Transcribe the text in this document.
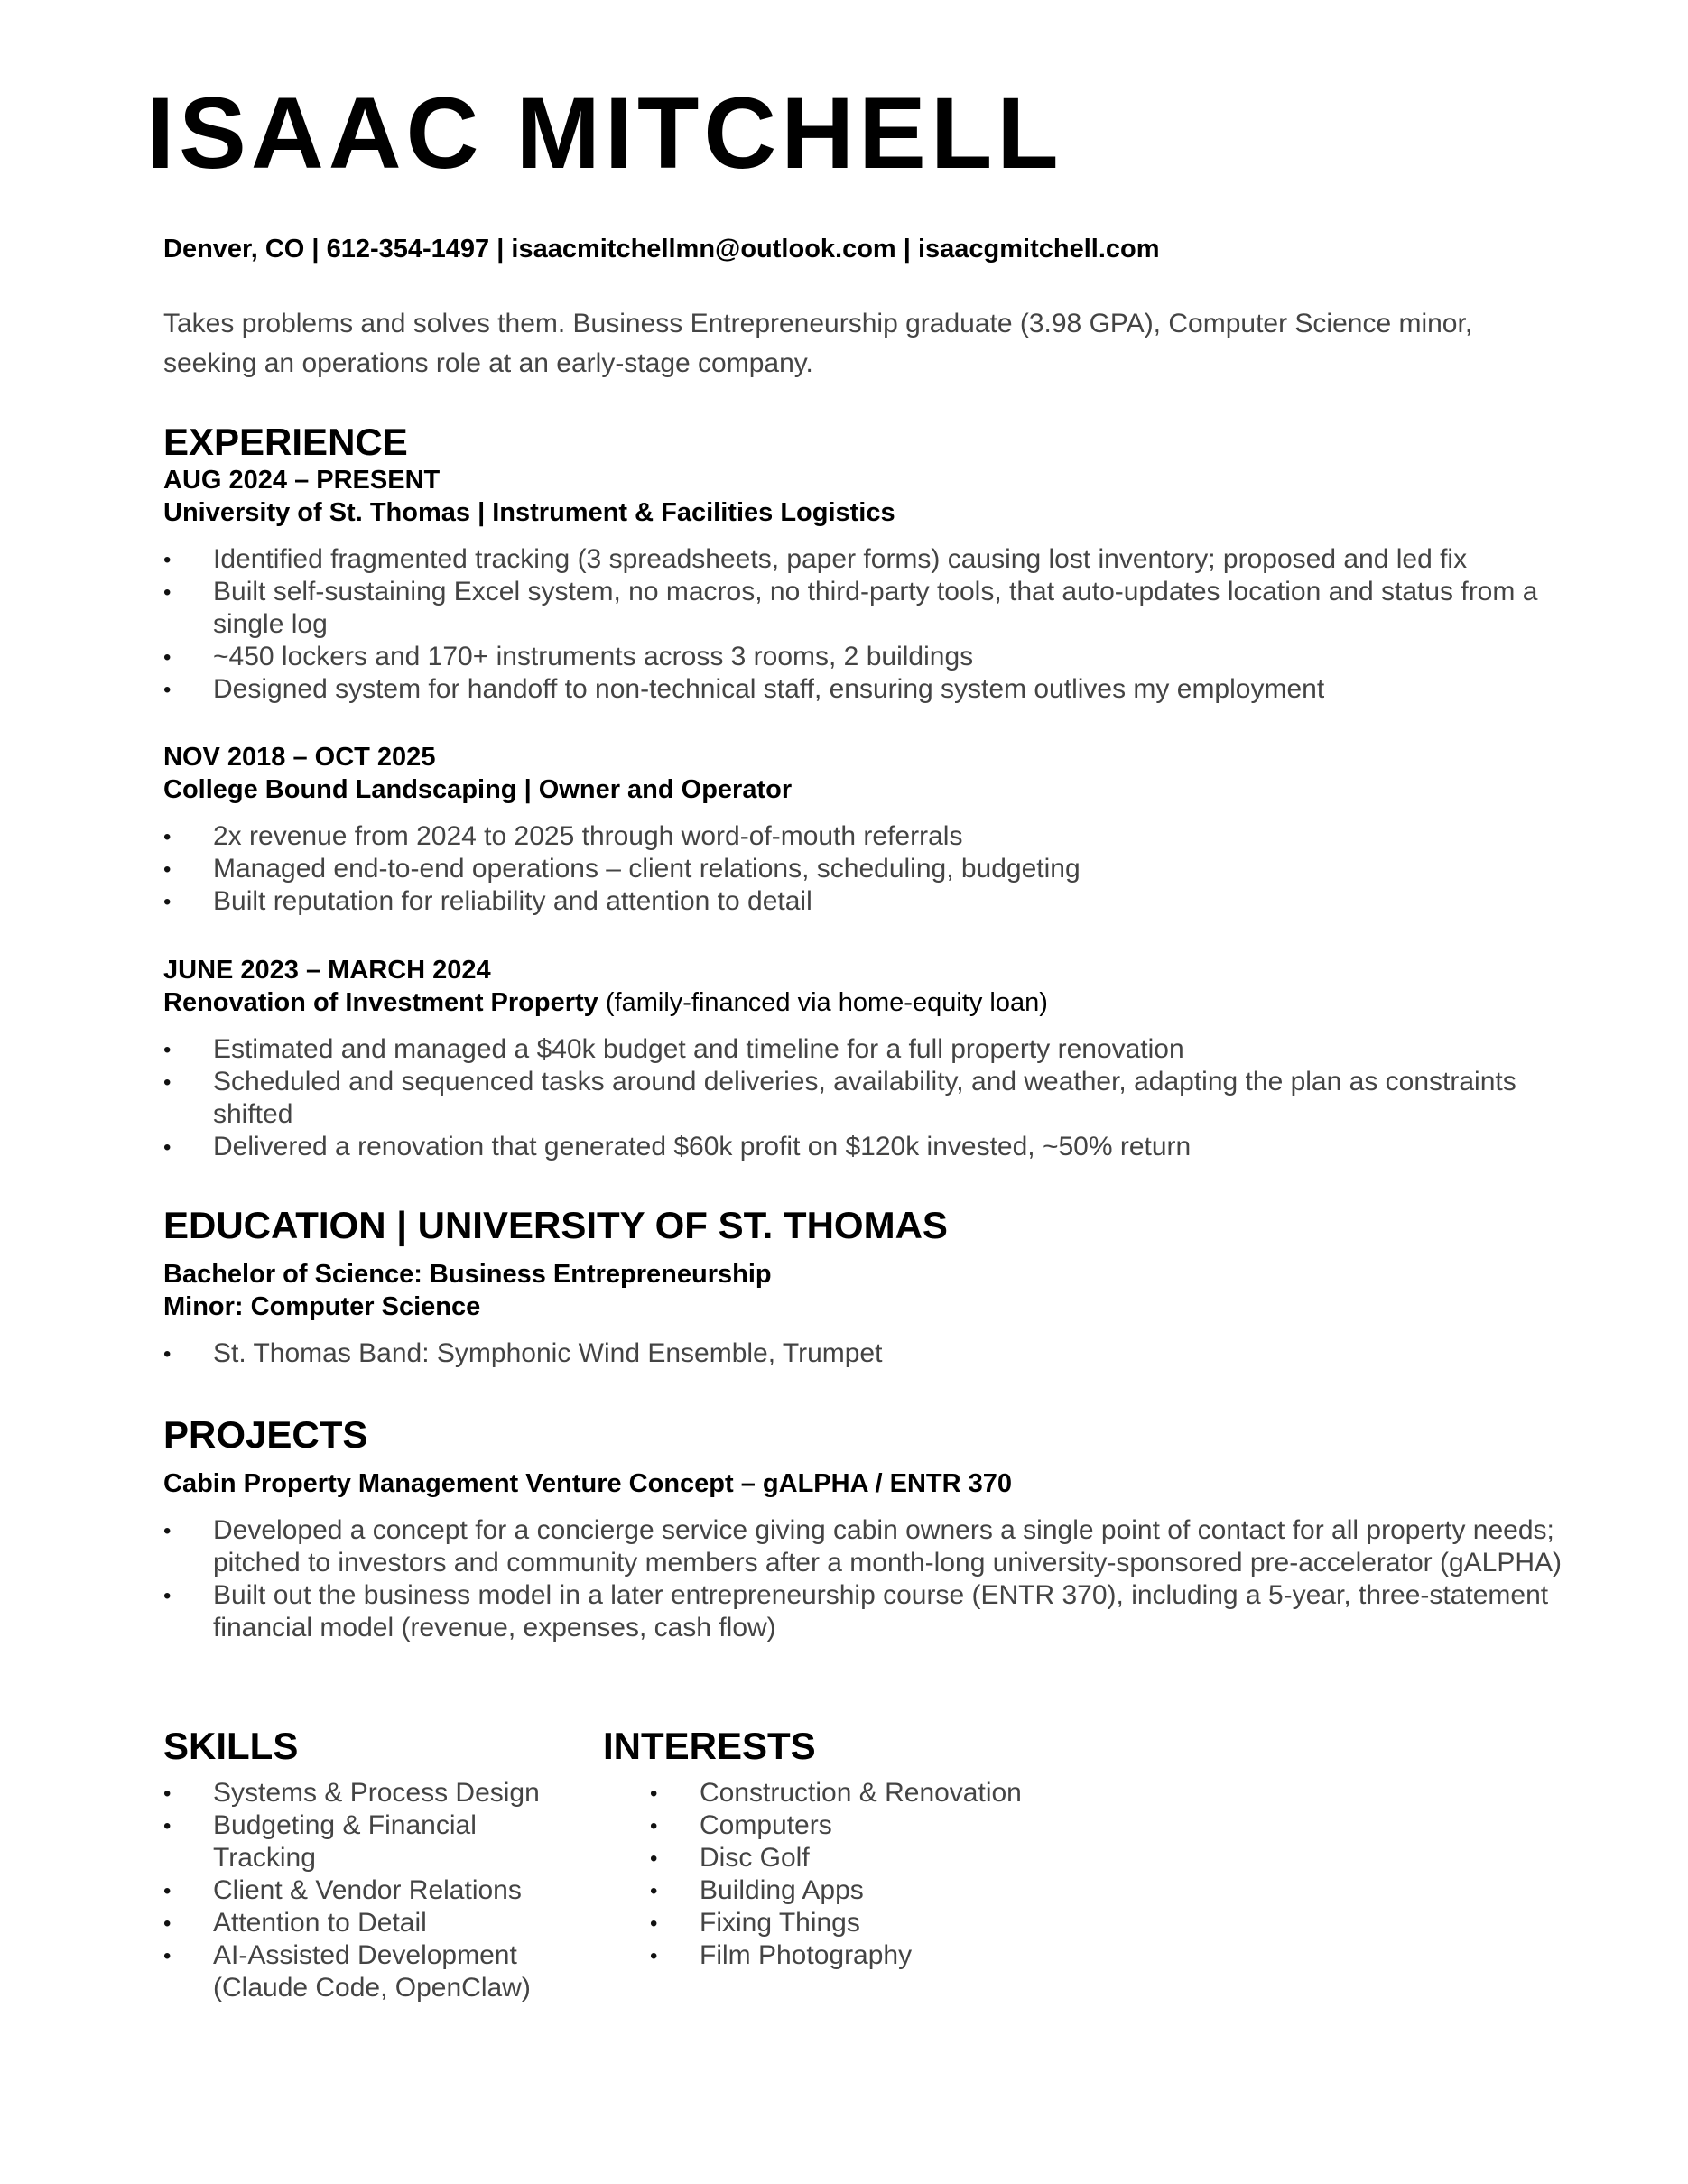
ISAAC MITCHELL
Denver, CO | 612-354-1497 | isaacmitchellmn@outlook.com | isaacgmitchell.com

Takes problems and solves them. Business Entrepreneurship graduate (3.98 GPA), Computer Science minor, seeking an operations role at an early-stage company.

EXPERIENCE
AUG 2024 – PRESENT
University of St. Thomas | Instrument & Facilities Logistics
• Identified fragmented tracking (3 spreadsheets, paper forms) causing lost inventory; proposed and led fix
• Built self-sustaining Excel system, no macros, no third-party tools, that auto-updates location and status from a single log
• ~450 lockers and 170+ instruments across 3 rooms, 2 buildings
• Designed system for handoff to non-technical staff, ensuring system outlives my employment
NOV 2018 – OCT 2025
College Bound Landscaping | Owner and Operator
• 2x revenue from 2024 to 2025 through word-of-mouth referrals
• Managed end-to-end operations – client relations, scheduling, budgeting
• Built reputation for reliability and attention to detail
JUNE 2023 – MARCH 2024
Renovation of Investment Property (family-financed via home-equity loan)
• Estimated and managed a $40k budget and timeline for a full property renovation
• Scheduled and sequenced tasks around deliveries, availability, and weather, adapting the plan as constraints shifted
• Delivered a renovation that generated $60k profit on $120k invested, ~50% return
EDUCATION | UNIVERSITY OF ST. THOMAS
Bachelor of Science: Business Entrepreneurship
Minor: Computer Science
• St. Thomas Band: Symphonic Wind Ensemble, Trumpet
PROJECTS
Cabin Property Management Venture Concept – gALPHA / ENTR 370
• Developed a concept for a concierge service giving cabin owners a single point of contact for all property needs; pitched to investors and community members after a month-long university-sponsored pre-accelerator (gALPHA)
• Built out the business model in a later entrepreneurship course (ENTR 370), including a 5-year, three-statement financial model (revenue, expenses, cash flow)
SKILLS
• Systems & Process Design
• Budgeting & Financial Tracking
• Client & Vendor Relations
• Attention to Detail
• AI-Assisted Development (Claude Code, OpenClaw)
INTERESTS
• Construction & Renovation
• Computers
• Disc Golf
• Building Apps
• Fixing Things
• Film Photography
